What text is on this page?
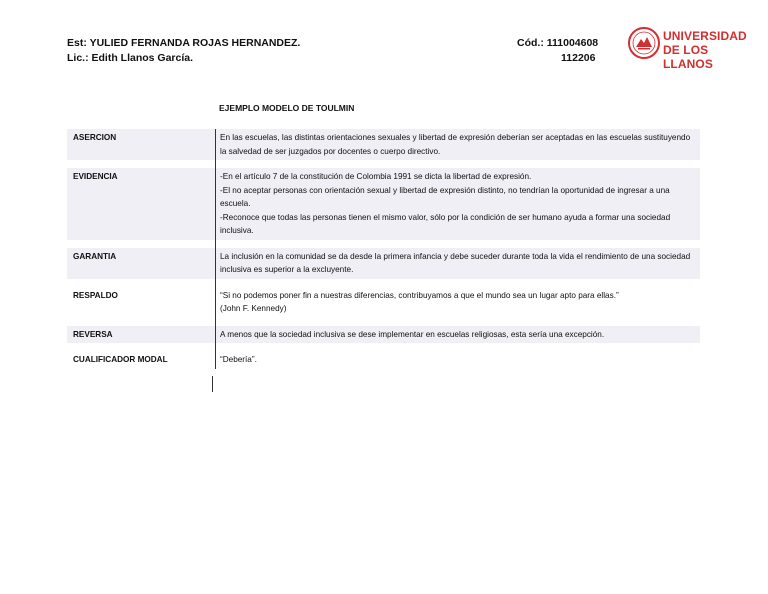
Est: YULIED FERNANDA ROJAS HERNANDEZ.
Lic.: Edith Llanos García.
Cód.: 111004608
112206
UNIVERSIDAD
DE LOS LLANOS
EJEMPLO MODELO DE TOULMIN
ASERCION	En las escuelas, las distintas orientaciones sexuales y libertad de expresión deberían ser aceptadas en las escuelas sustituyendo la salvedad de ser juzgados por docentes o cuerpo directivo.

EVIDENCIA	-En el artículo 7 de la constitución de Colombia 1991 se dicta la libertad de expresión.
-El no aceptar personas con orientación sexual y libertad de expresión distinto, no tendrían la oportunidad de ingresar a una escuela.
-Reconoce que todas las personas tienen el mismo valor, sólo por la condición de ser humano ayuda a formar una sociedad inclusiva.

GARANTIA	La inclusión en la comunidad se da desde la primera infancia y debe suceder durante toda la vida el rendimiento de una sociedad inclusiva es superior a la excluyente.

RESPALDO	“Si no podemos poner fin a nuestras diferencias, contribuyamos a que el mundo sea un lugar apto para ellas.”
(John F. Kennedy)

REVERSA	A menos que la sociedad inclusiva se dese implementar en escuelas religiosas, esta sería una excepción.

CUALIFICADOR MODAL	“Debería”.
